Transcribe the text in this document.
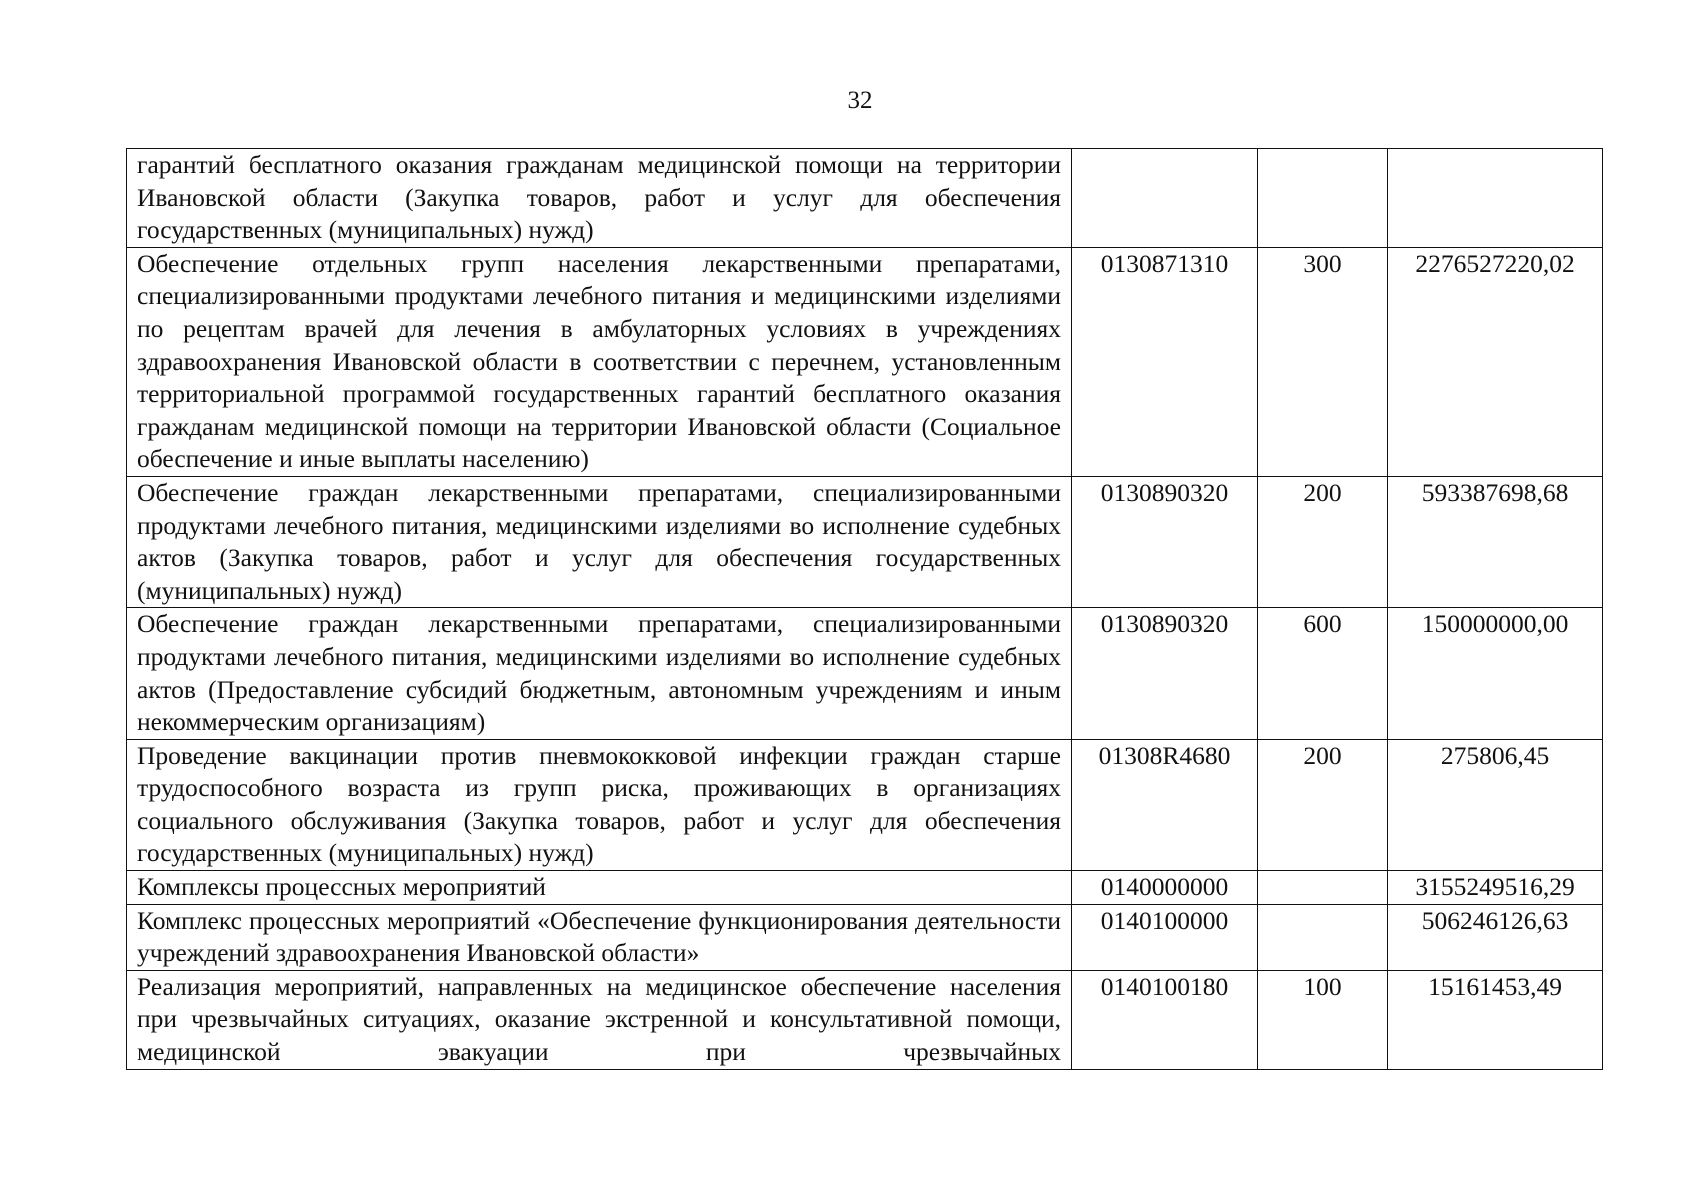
32
гарантий бесплатного оказания гражданам медицинской помощи на территории Ивановской области (Закупка товаров, работ и услуг для обеспечения государственных (муниципальных) нужд)			
Обеспечение отдельных групп населения лекарственными препаратами, специализированными продуктами лечебного питания и медицинскими изделиями по рецептам врачей для лечения в амбулаторных условиях в учреждениях здравоохранения Ивановской области в соответствии с перечнем, установленным территориальной программой государственных гарантий бесплатного оказания гражданам медицинской помощи на территории Ивановской области (Социальное обеспечение и иные выплаты населению)	0130871310	300	2276527220,02
Обеспечение граждан лекарственными препаратами, специализированными продуктами лечебного питания, медицинскими изделиями во исполнение судебных актов (Закупка товаров, работ и услуг для обеспечения государственных (муниципальных) нужд)	0130890320	200	593387698,68
Обеспечение граждан лекарственными препаратами, специализированными продуктами лечебного питания, медицинскими изделиями во исполнение судебных актов (Предоставление субсидий бюджетным, автономным учреждениям и иным некоммерческим организациям)	0130890320	600	150000000,00
Проведение вакцинации против пневмококковой инфекции граждан старше трудоспособного возраста из групп риска, проживающих в организациях социального обслуживания (Закупка товаров, работ и услуг для обеспечения государственных (муниципальных) нужд)	01308R4680	200	275806,45
Комплексы процессных мероприятий	0140000000		3155249516,29
Комплекс процессных мероприятий «Обеспечение функционирования деятельности учреждений здравоохранения Ивановской области»	0140100000		506246126,63
Реализация мероприятий, направленных на медицинское обеспечение населения при чрезвычайных ситуациях, оказание экстренной и консультативной помощи, медицинской эвакуации при чрезвычайных	0140100180	100	15161453,49
